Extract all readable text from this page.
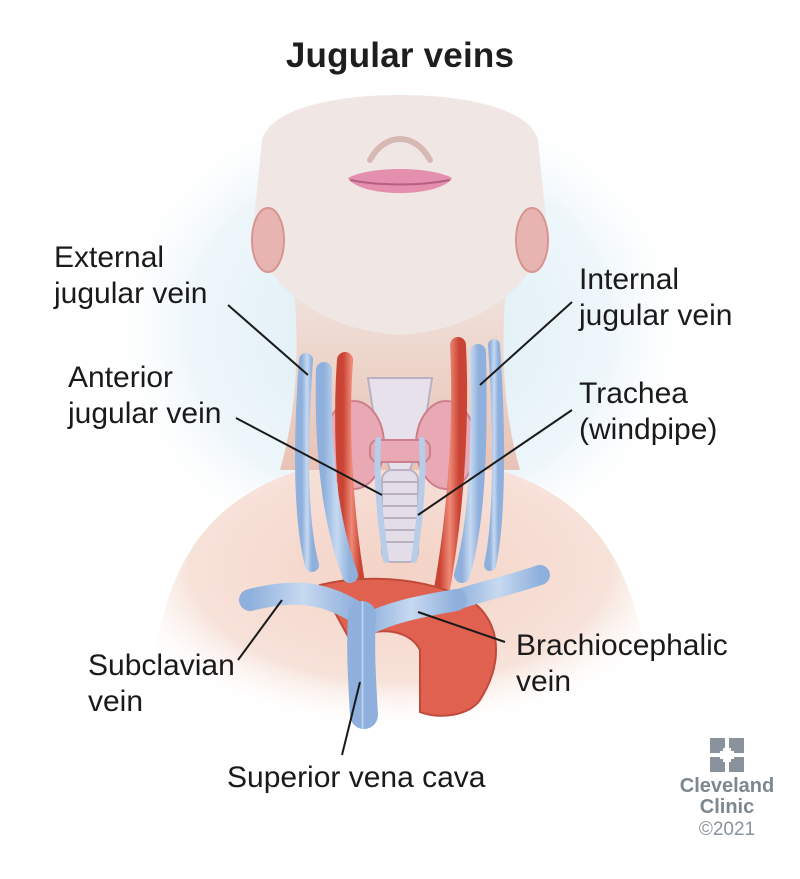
Jugular veins
External
jugular vein	Internal
jugular vein
Anterior
jugular vein
Trachea
(windpipe)
Subclavian
vein
Brachiocephalic
vein
Superior vena cava	Cleveland
Clinic
©2021
